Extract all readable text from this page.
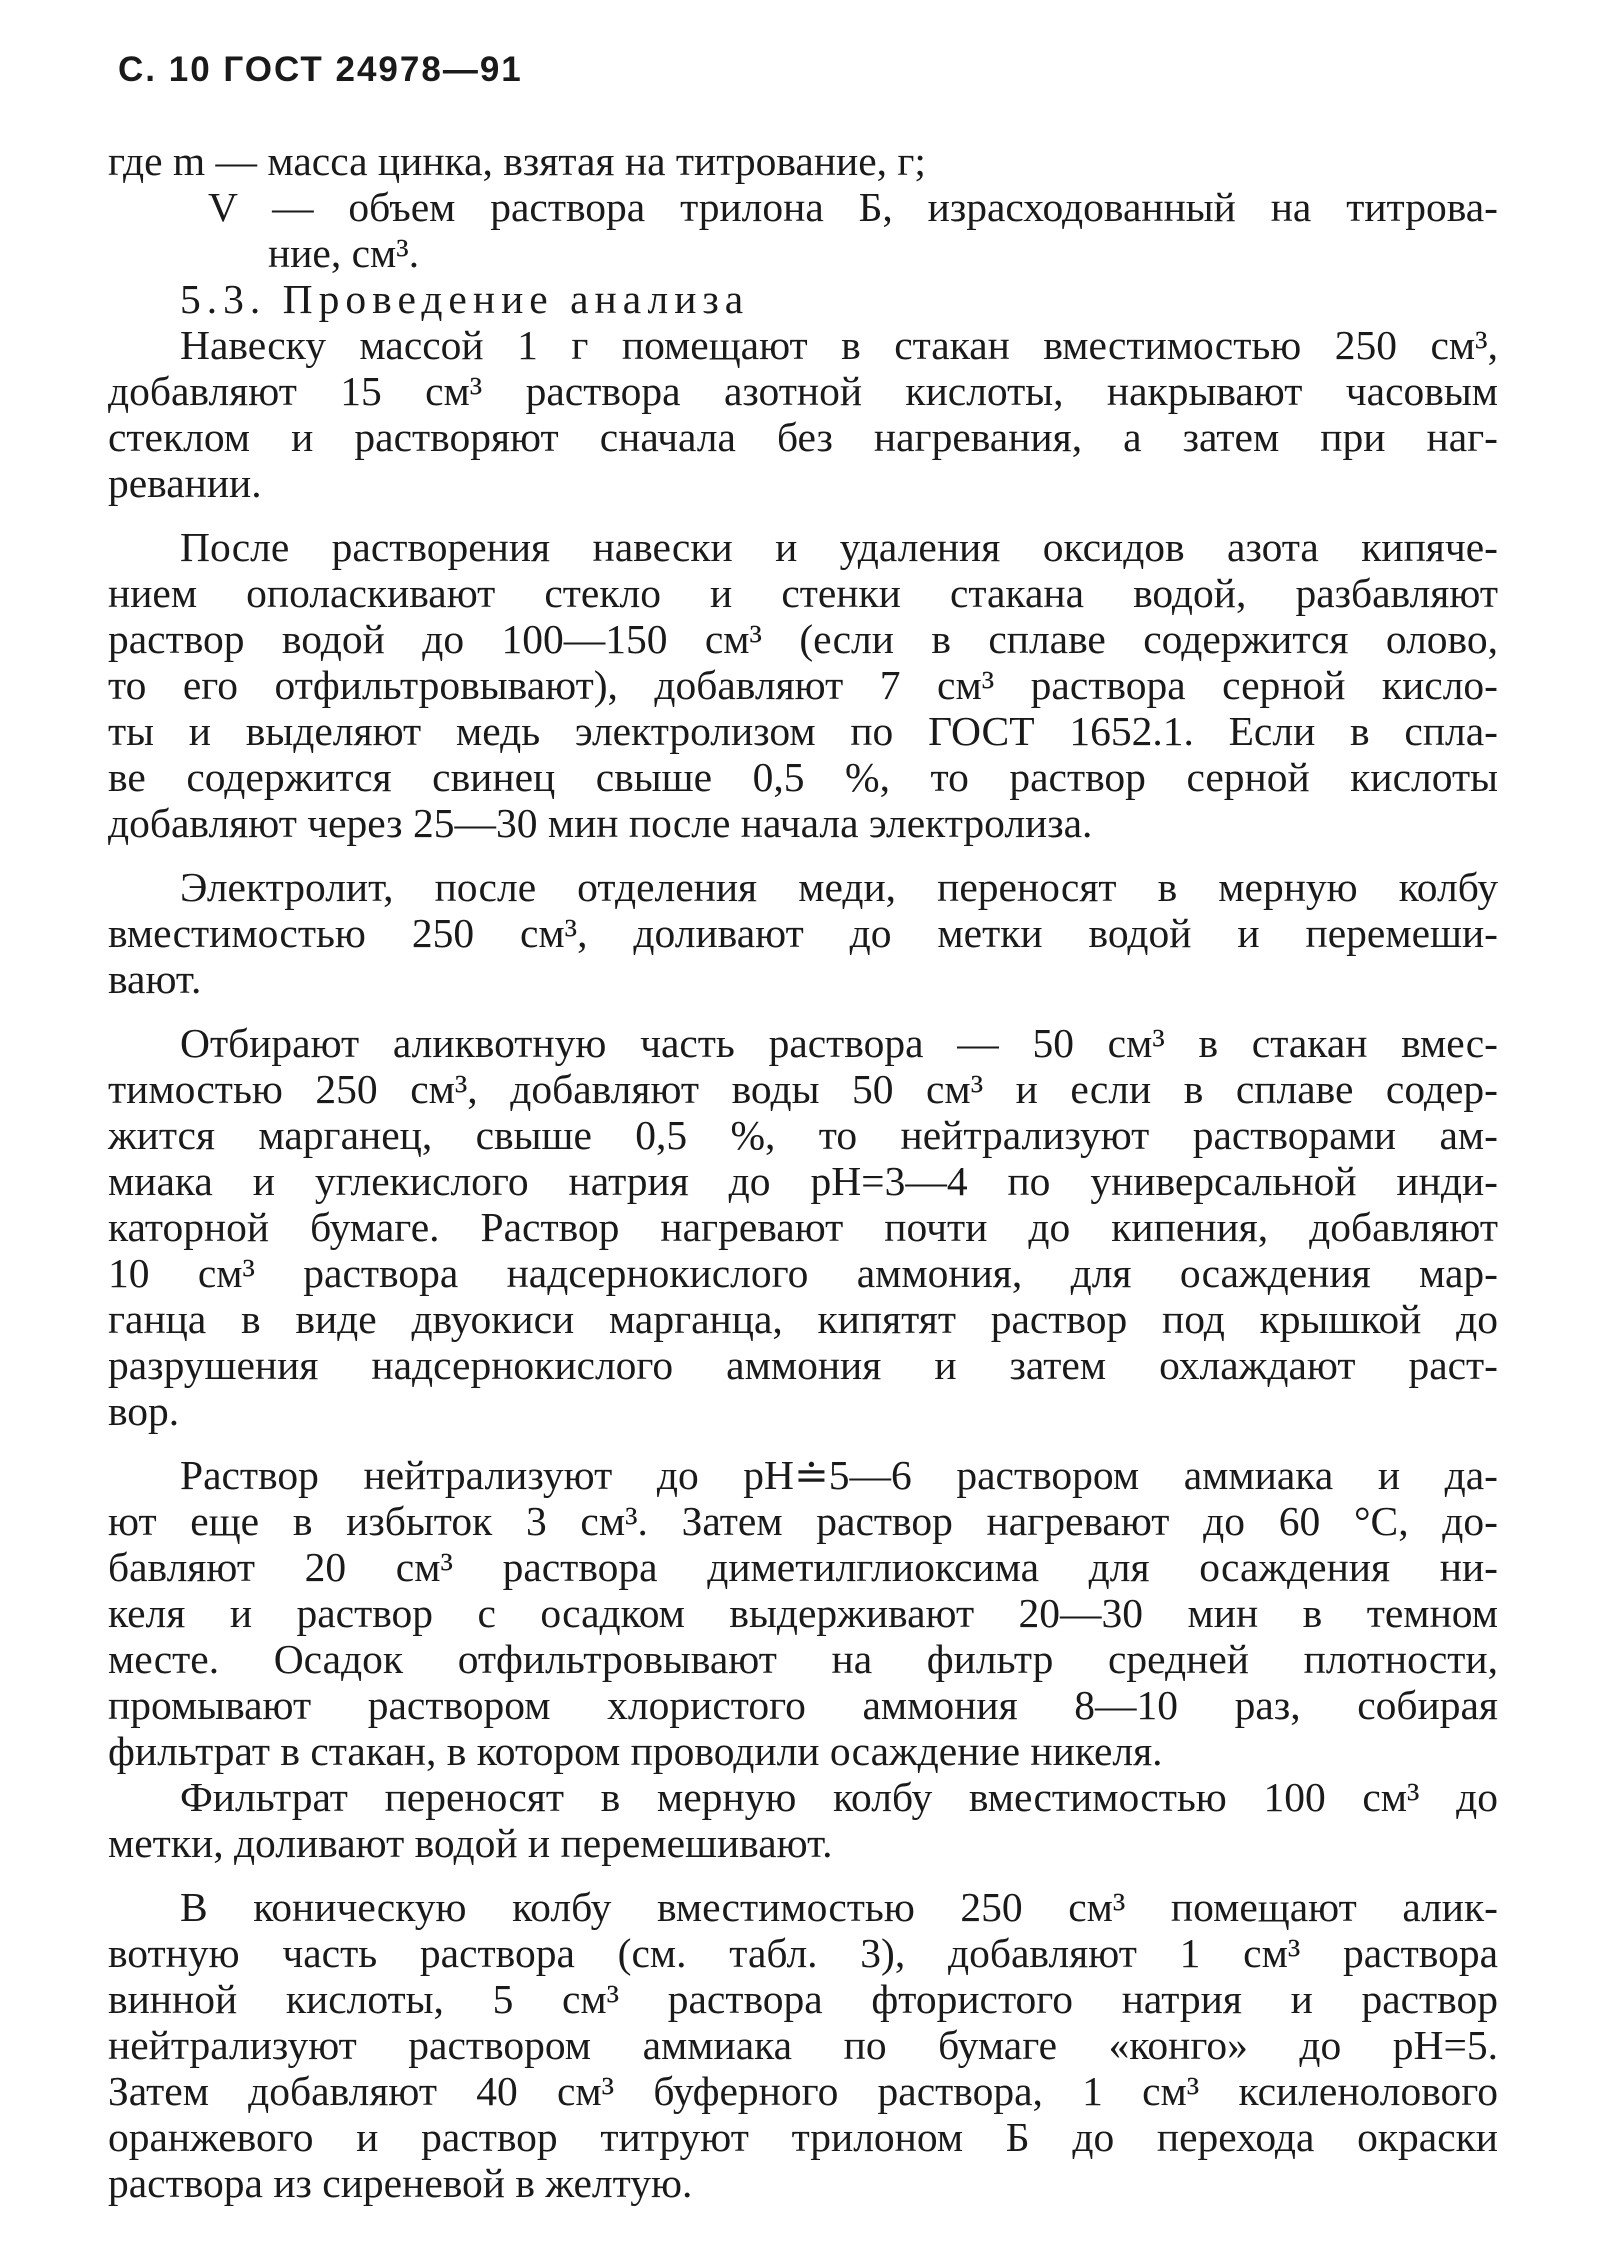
С. 10 ГОСТ 24978—91
где m — масса цинка, взятая на титрование, г;
V — объем раствора трилона Б, израсходованный на титрова-
ние, см³.
5.3. Проведение анализа
Навеску массой 1 г помещают в стакан вместимостью 250 см³,
добавляют 15 см³ раствора азотной кислоты, накрывают часовым
стеклом и растворяют сначала без нагревания, а затем при наг-
ревании.
После растворения навески и удаления оксидов азота кипяче-
нием ополаскивают стекло и стенки стакана водой, разбавляют
раствор водой до 100—150 см³ (если в сплаве содержится олово,
то его отфильтровывают), добавляют 7 см³ раствора серной кисло-
ты и выделяют медь электролизом по ГОСТ 1652.1. Если в спла-
ве содержится свинец свыше 0,5 %, то раствор серной кислоты
добавляют через 25—30 мин после начала электролиза.
Электролит, после отделения меди, переносят в мерную колбу
вместимостью 250 см³, доливают до метки водой и перемеши-
вают.
Отбирают аликвотную часть раствора — 50 см³ в стакан вмес-
тимостью 250 см³, добавляют воды 50 см³ и если в сплаве содер-
жится марганец, свыше 0,5 %, то нейтрализуют растворами ам-
миака и углекислого натрия до pH=3—4 по универсальной инди-
каторной бумаге. Раствор нагревают почти до кипения, добавляют
10 см³ раствора надсернокислого аммония, для осаждения мар-
ганца в виде двуокиси марганца, кипятят раствор под крышкой до
разрушения надсернокислого аммония и затем охлаждают раст-
вор.
Раствор нейтрализуют до pH≐5—6 раствором аммиака и да-
ют еще в избыток 3 см³. Затем раствор нагревают до 60 °С, до-
бавляют 20 см³ раствора диметилглиоксима для осаждения ни-
келя и раствор с осадком выдерживают 20—30 мин в темном
месте. Осадок отфильтровывают на фильтр средней плотности,
промывают раствором хлористого аммония 8—10 раз, собирая
фильтрат в стакан, в котором проводили осаждение никеля.
Фильтрат переносят в мерную колбу вместимостью 100 см³ до
метки, доливают водой и перемешивают.
В коническую колбу вместимостью 250 см³ помещают алик-
вотную часть раствора (см. табл. 3), добавляют 1 см³ раствора
винной кислоты, 5 см³ раствора фтористого натрия и раствор
нейтрализуют раствором аммиака по бумаге «конго» до pH=5.
Затем добавляют 40 см³ буферного раствора, 1 см³ ксиленолового
оранжевого и раствор титруют трилоном Б до перехода окраски
раствора из сиреневой в желтую.
